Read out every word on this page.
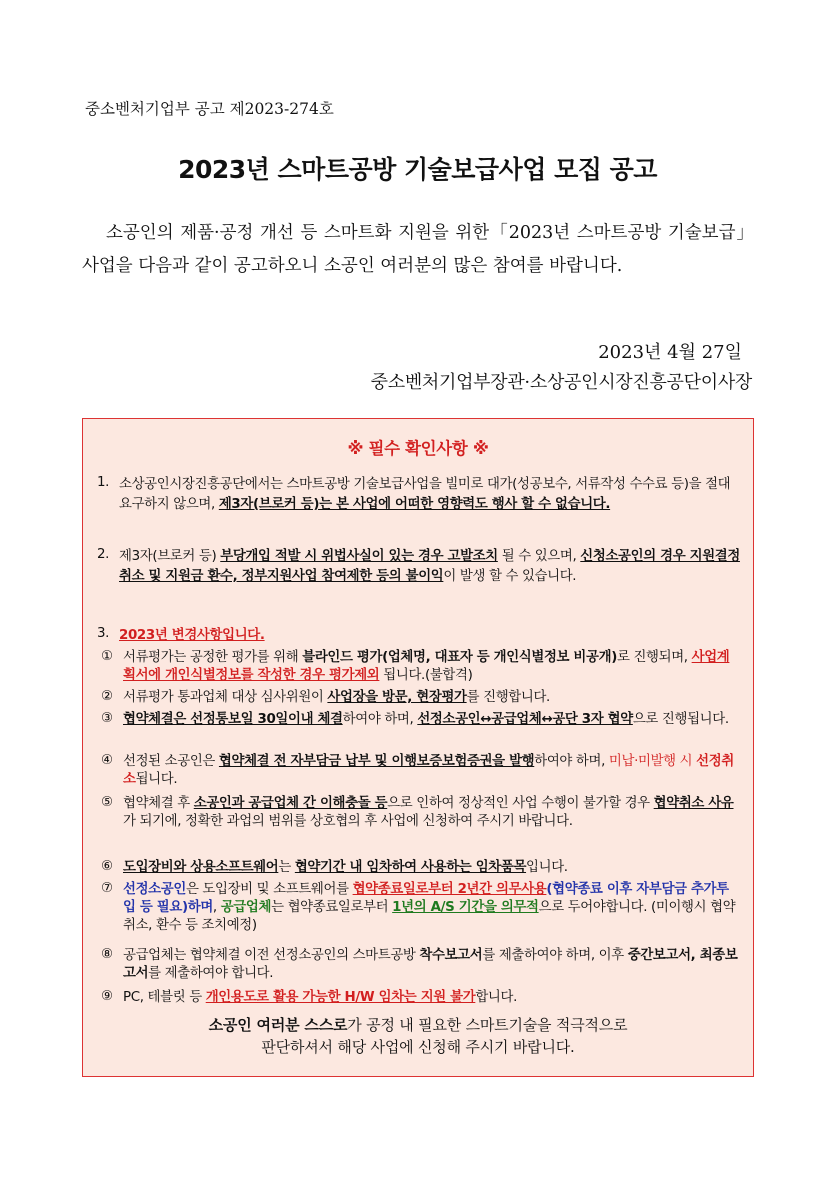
중소벤처기업부 공고 제2023-274호
2023년 스마트공방 기술보급사업 모집 공고
소공인의 제품·공정 개선 등 스마트화 지원을 위한「2023년 스마트공방 기술보급」사업을 다음과 같이 공고하오니 소공인 여러분의 많은 참여를 바랍니다.
2023년 4월 27일
중소벤처기업부장관·소상공인시장진흥공단이사장
※ 필수 확인사항 ※
1. 소상공인시장진흥공단에서는 스마트공방 기술보급사업을 빌미로 대가(성공보수, 서류작성 수수료 등)을 절대 요구하지 않으며, 제3자(브로커 등)는 본 사업에 어떠한 영향력도 행사 할 수 없습니다.
2. 제3자(브로커 등) 부당개입 적발 시 위법사실이 있는 경우 고발조치 될 수 있으며, 신청소공인의 경우 지원결정 취소 및 지원금 환수, 정부지원사업 참여제한 등의 불이익이 발생 할 수 있습니다.
3. 2023년 변경사항입니다.
① 서류평가는 공정한 평가를 위해 블라인드 평가(업체명, 대표자 등 개인식별정보 비공개)로 진행되며, 사업계획서에 개인식별정보를 작성한 경우 평가제외 됩니다.(불합격)
② 서류평가 통과업체 대상 심사위원이 사업장을 방문, 현장평가를 진행합니다.
③ 협약체결은 선정통보일 30일이내 체결하여야 하며, 선정소공인↔공급업체↔공단 3자 협약으로 진행됩니다.
④ 선정된 소공인은 협약체결 전 자부담금 납부 및 이행보증보험증권을 발행하여야 하며, 미납·미발행 시 선정취소됩니다.
⑤ 협약체결 후 소공인과 공급업체 간 이해충돌 등으로 인하여 정상적인 사업 수행이 불가할 경우 협약취소 사유가 되기에, 정확한 과업의 범위를 상호협의 후 사업에 신청하여 주시기 바랍니다.
⑥ 도입장비와 상용소프트웨어는 협약기간 내 임차하여 사용하는 임차품목입니다.
⑦ 선정소공인은 도입장비 및 소프트웨어를 협약종료일로부터 2년간 의무사용(협약종료 이후 자부담금 추가투입 등 필요)하며, 공급업체는 협약종료일로부터 1년의 A/S 기간을 의무적으로 두어야합니다. (미이행시 협약취소, 환수 등 조치예정)
⑧ 공급업체는 협약체결 이전 선정소공인의 스마트공방 착수보고서를 제출하여야 하며, 이후 중간보고서, 최종보고서를 제출하여야 합니다.
⑨ PC, 테블릿 등 개인용도로 활용 가능한 H/W 임차는 지원 불가합니다.
소공인 여러분 스스로가 공정 내 필요한 스마트기술을 적극적으로
판단하셔서 해당 사업에 신청해 주시기 바랍니다.
